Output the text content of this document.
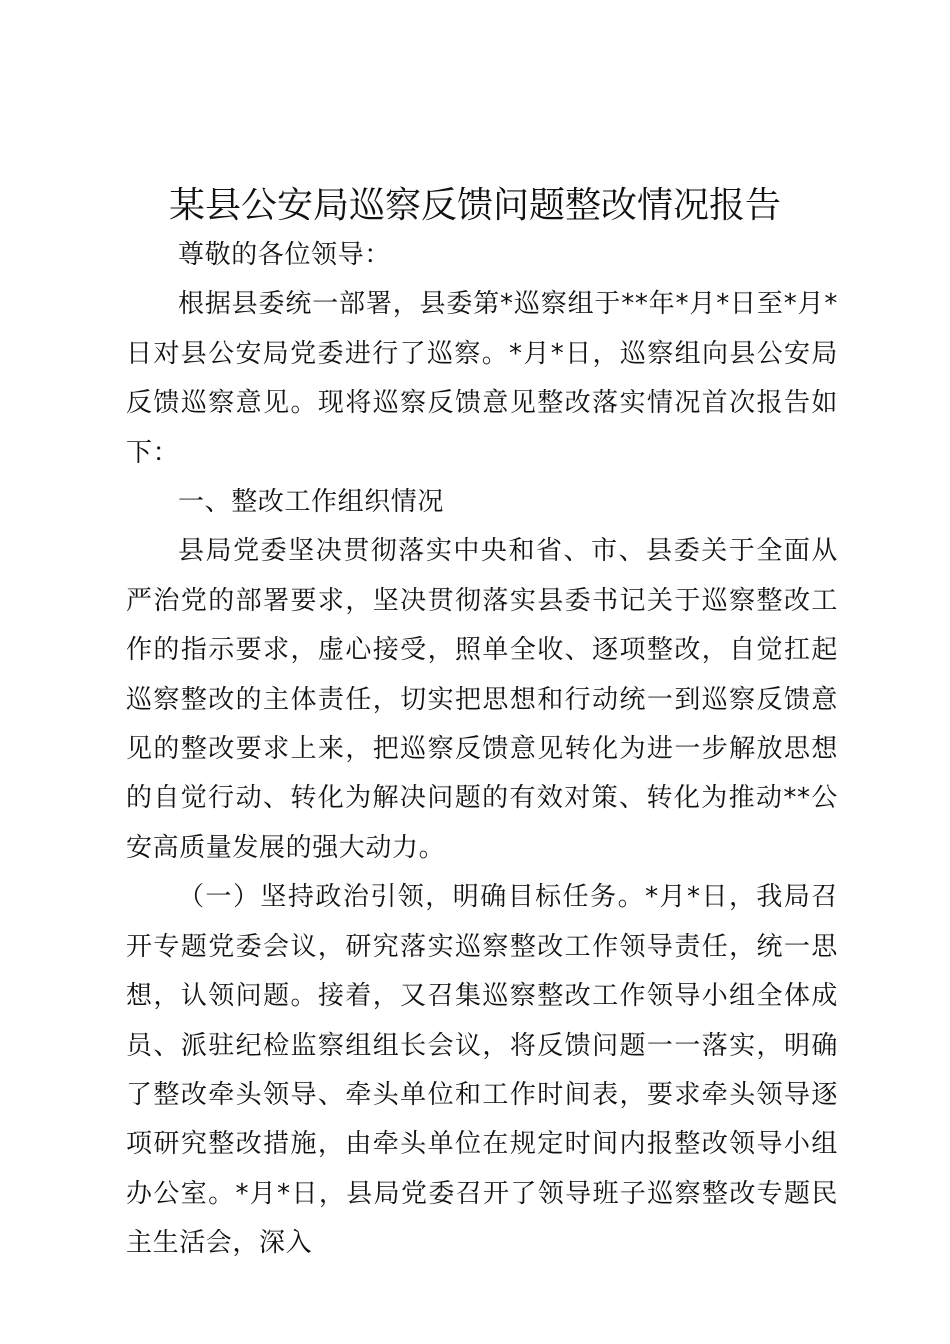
某县公安局巡察反馈问题整改情况报告

尊敬的各位领导：

根据县委统一部署，县委第*巡察组于**年*月*日至*月*日对县公安局党委进行了巡察。*月*日，巡察组向县公安局反馈巡察意见。现将巡察反馈意见整改落实情况首次报告如下：

一、整改工作组织情况

县局党委坚决贯彻落实中央和省、市、县委关于全面从严治党的部署要求，坚决贯彻落实县委书记关于巡察整改工作的指示要求，虚心接受，照单全收、逐项整改，自觉扛起巡察整改的主体责任，切实把思想和行动统一到巡察反馈意见的整改要求上来，把巡察反馈意见转化为进一步解放思想的自觉行动、转化为解决问题的有效对策、转化为推动**公安高质量发展的强大动力。

（一）坚持政治引领，明确目标任务。*月*日，我局召开专题党委会议，研究落实巡察整改工作领导责任，统一思想，认领问题。接着，又召集巡察整改工作领导小组全体成员、派驻纪检监察组组长会议，将反馈问题一一落实，明确了整改牵头领导、牵头单位和工作时间表，要求牵头领导逐项研究整改措施，由牵头单位在规定时间内报整改领导小组办公室。*月*日，县局党委召开了领导班子巡察整改专题民主生活会，深入
